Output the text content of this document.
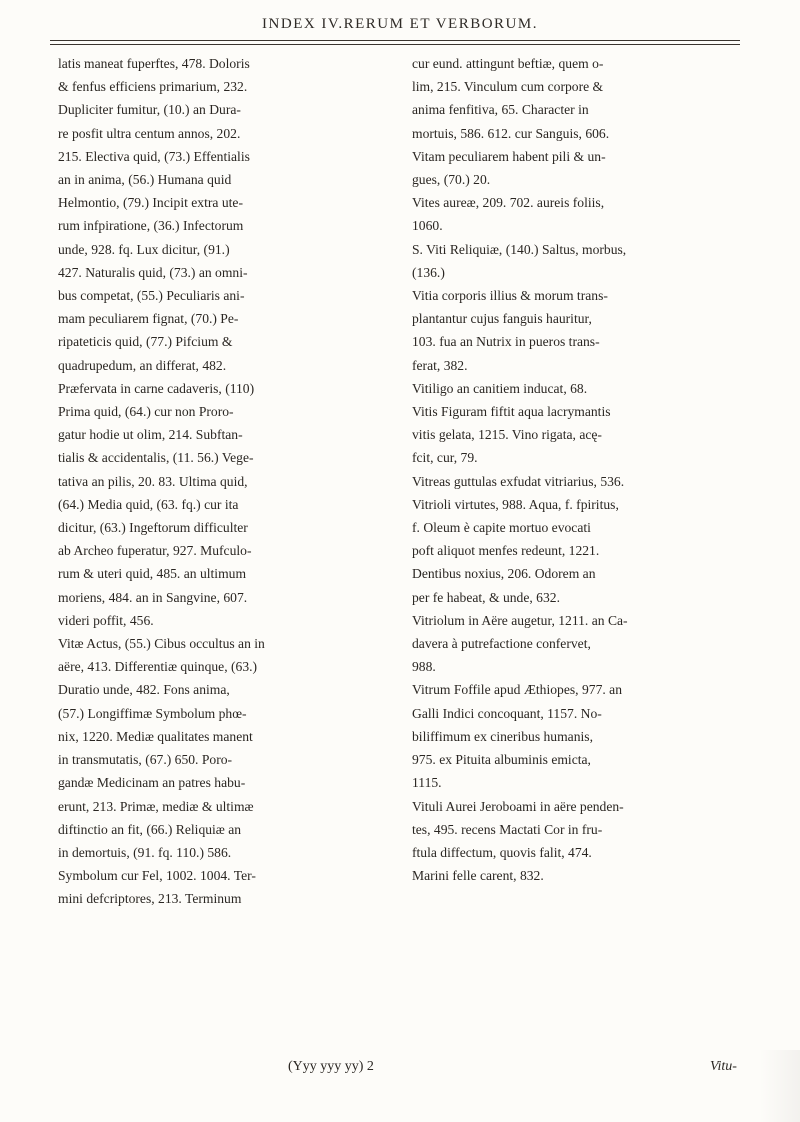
INDEX IV.RERUM ET VERBORUM.
latis maneat fuperftes, 478. Doloris
& fenfus efficiens primarium, 232.
Dupliciter fumitur, (10.) an Dura-
re posfit ultra centum annos, 202.
215. Electiva quid, (73.) Effentialis
an in anima, (56.) Humana quid
Helmontio, (79.) Incipit extra ute-
rum infpiratione, (36.) Infectorum
unde, 928. fq. Lux dicitur, (91.)
427. Naturalis quid, (73.) an omni-
bus competat, (55.) Peculiaris ani-
mam peculiarem fignat, (70.) Pe-
ripateticis quid, (77.) Pifcium &
quadrupedum, an differat, 482.
Præfervata in carne cadaveris, (110)
Prima quid, (64.) cur non Proro-
gatur hodie ut olim, 214. Subftan-
tialis & accidentalis, (11. 56.) Vege-
tativa an pilis, 20. 83. Ultima quid,
(64.) Media quid, (63. fq.) cur ita
dicitur, (63.) Ingeftorum difficulter
ab Archeo fuperatur, 927. Mufculo-
rum & uteri quid, 485. an ultimum
moriens, 484. an in Sangvine, 607.
videri poffit, 456.
Vitæ Actus, (55.) Cibus occultus an in
aëre, 413. Differentiæ quinque, (63.)
Duratio unde, 482. Fons anima,
(57.) Longiffimæ Symbolum phœ-
nix, 1220. Mediæ qualitates manent
in transmutatis, (67.) 650. Poro-
gandæ Medicinam an patres habu-
erunt, 213. Primæ, mediæ & ultimæ
diftinctio an fit, (66.) Reliquiæ an
in demortuis, (91. fq. 110.) 586.
Symbolum cur Fel, 1002. 1004. Ter-
mini defcriptores, 213. Terminum
cur eund. attingunt beftiæ, quem o-
lim, 215. Vinculum cum corpore &
anima fenfitiva, 65. Character in
mortuis, 586. 612. cur Sanguis, 606.
Vitam peculiarem habent pili & un-
gues, (70.) 20.
Vites aureæ, 209. 702. aureis foliis,
1060.
S. Viti Reliquiæ, (140.) Saltus, morbus,
(136.)
Vitia corporis illius & morum trans-
plantantur cujus fanguis hauritur,
103. fua an Nutrix in pueros trans-
ferat, 382.
Vitiligo an canitiem inducat, 68.
Vitis Figuram fiftit aqua lacrymantis
vitis gelata, 1215. Vino rigata, acę-
fcit, cur, 79.
Vitreas guttulas exfudat vitriarius, 536.
Vitrioli virtutes, 988. Aqua, f. fpiritus,
f. Oleum è capite mortuo evocati
poft aliquot menfes redeunt, 1221.
Dentibus noxius, 206. Odorem an
per fe habeat, & unde, 632.
Vitriolum in Aëre augetur, 1211. an Ca-
davera à putrefactione confervet,
988.
Vitrum Foffile apud Æthiopes, 977. an
Galli Indici concoquant, 1157. No-
biliffimum ex cineribus humanis,
975. ex Pituita albuminis emicta,
1115.
Vituli Aurei Jeroboami in aëre penden-
tes, 495. recens Mactati Cor in fru-
ftula diffectum, quovis falit, 474.
Marini felle carent, 832.
(Yyy yyy yy) 2	Vitu-
